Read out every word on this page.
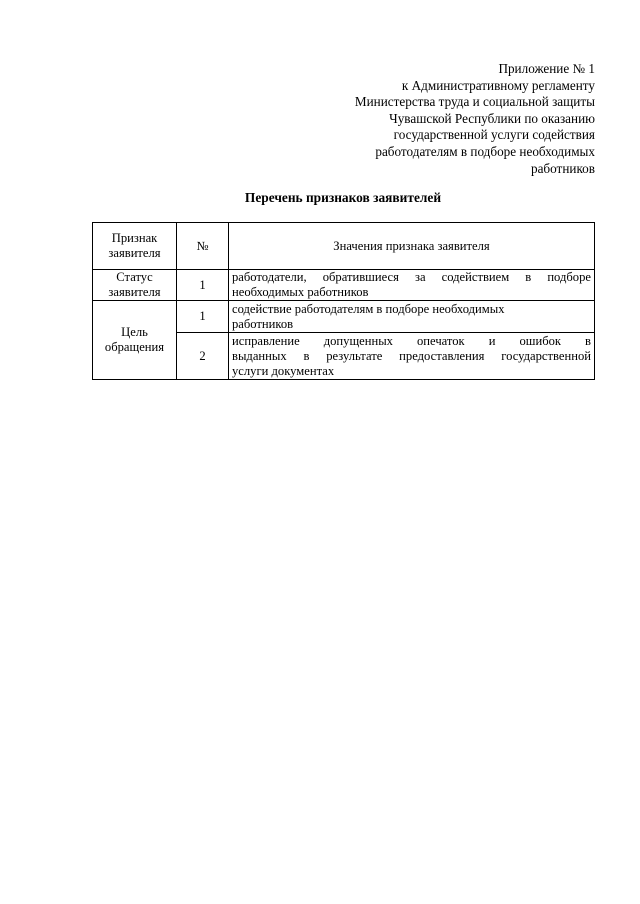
Приложение № 1
к Административному регламенту
Министерства труда и социальной защиты
Чувашской Республики по оказанию
государственной услуги содействия
работодателям в подборе необходимых
работников
Перечень признаков заявителей
Признак заявителя	№	Значения признака заявителя
Статус заявителя	1	работодатели, обратившиеся за содействием в подборе
необходимых работников

Цель обращения	1	содействие работодателям в подборе необходимых
работников

	2	исправление допущенных опечаток и ошибок в
выданных в результате предоставления государственной
услуги документах
